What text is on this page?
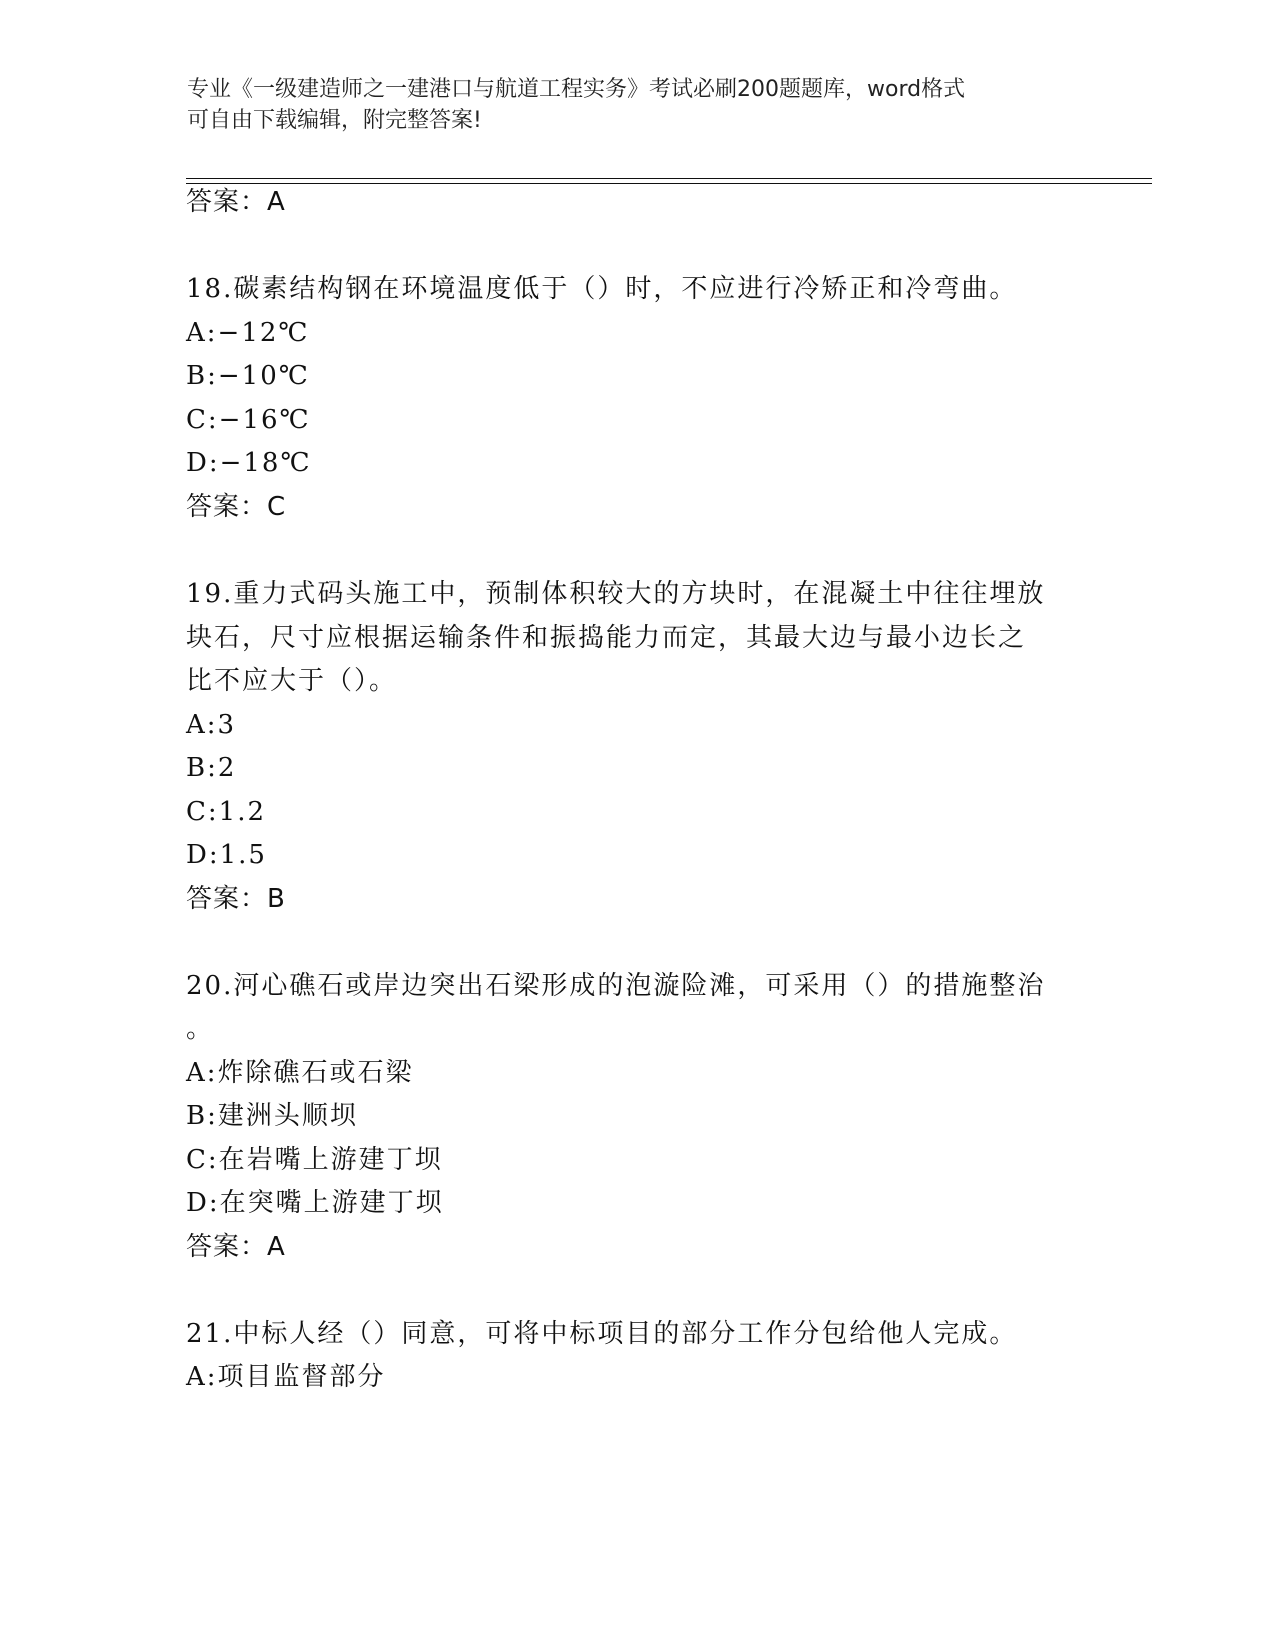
专业《一级建造师之一建港口与航道工程实务》考试必刷200题题库，word格式
可自由下载编辑，附完整答案!
答案：A
18.碳素结构钢在环境温度低于（）时，不应进行冷矫正和冷弯曲。
A:−12℃
B:−10℃
C:−16℃
D:−18℃
答案：C
19.重力式码头施工中，预制体积较大的方块时，在混凝土中往往埋放
块石，尺寸应根据运输条件和振捣能力而定，其最大边与最小边长之
比不应大于（）。
A:3
B:2
C:1.2
D:1.5
答案：B
20.河心礁石或岸边突出石梁形成的泡漩险滩，可采用（）的措施整治
。
A:炸除礁石或石梁
B:建洲头顺坝
C:在岩嘴上游建丁坝
D:在突嘴上游建丁坝
答案：A
21.中标人经（）同意，可将中标项目的部分工作分包给他人完成。
A:项目监督部分
